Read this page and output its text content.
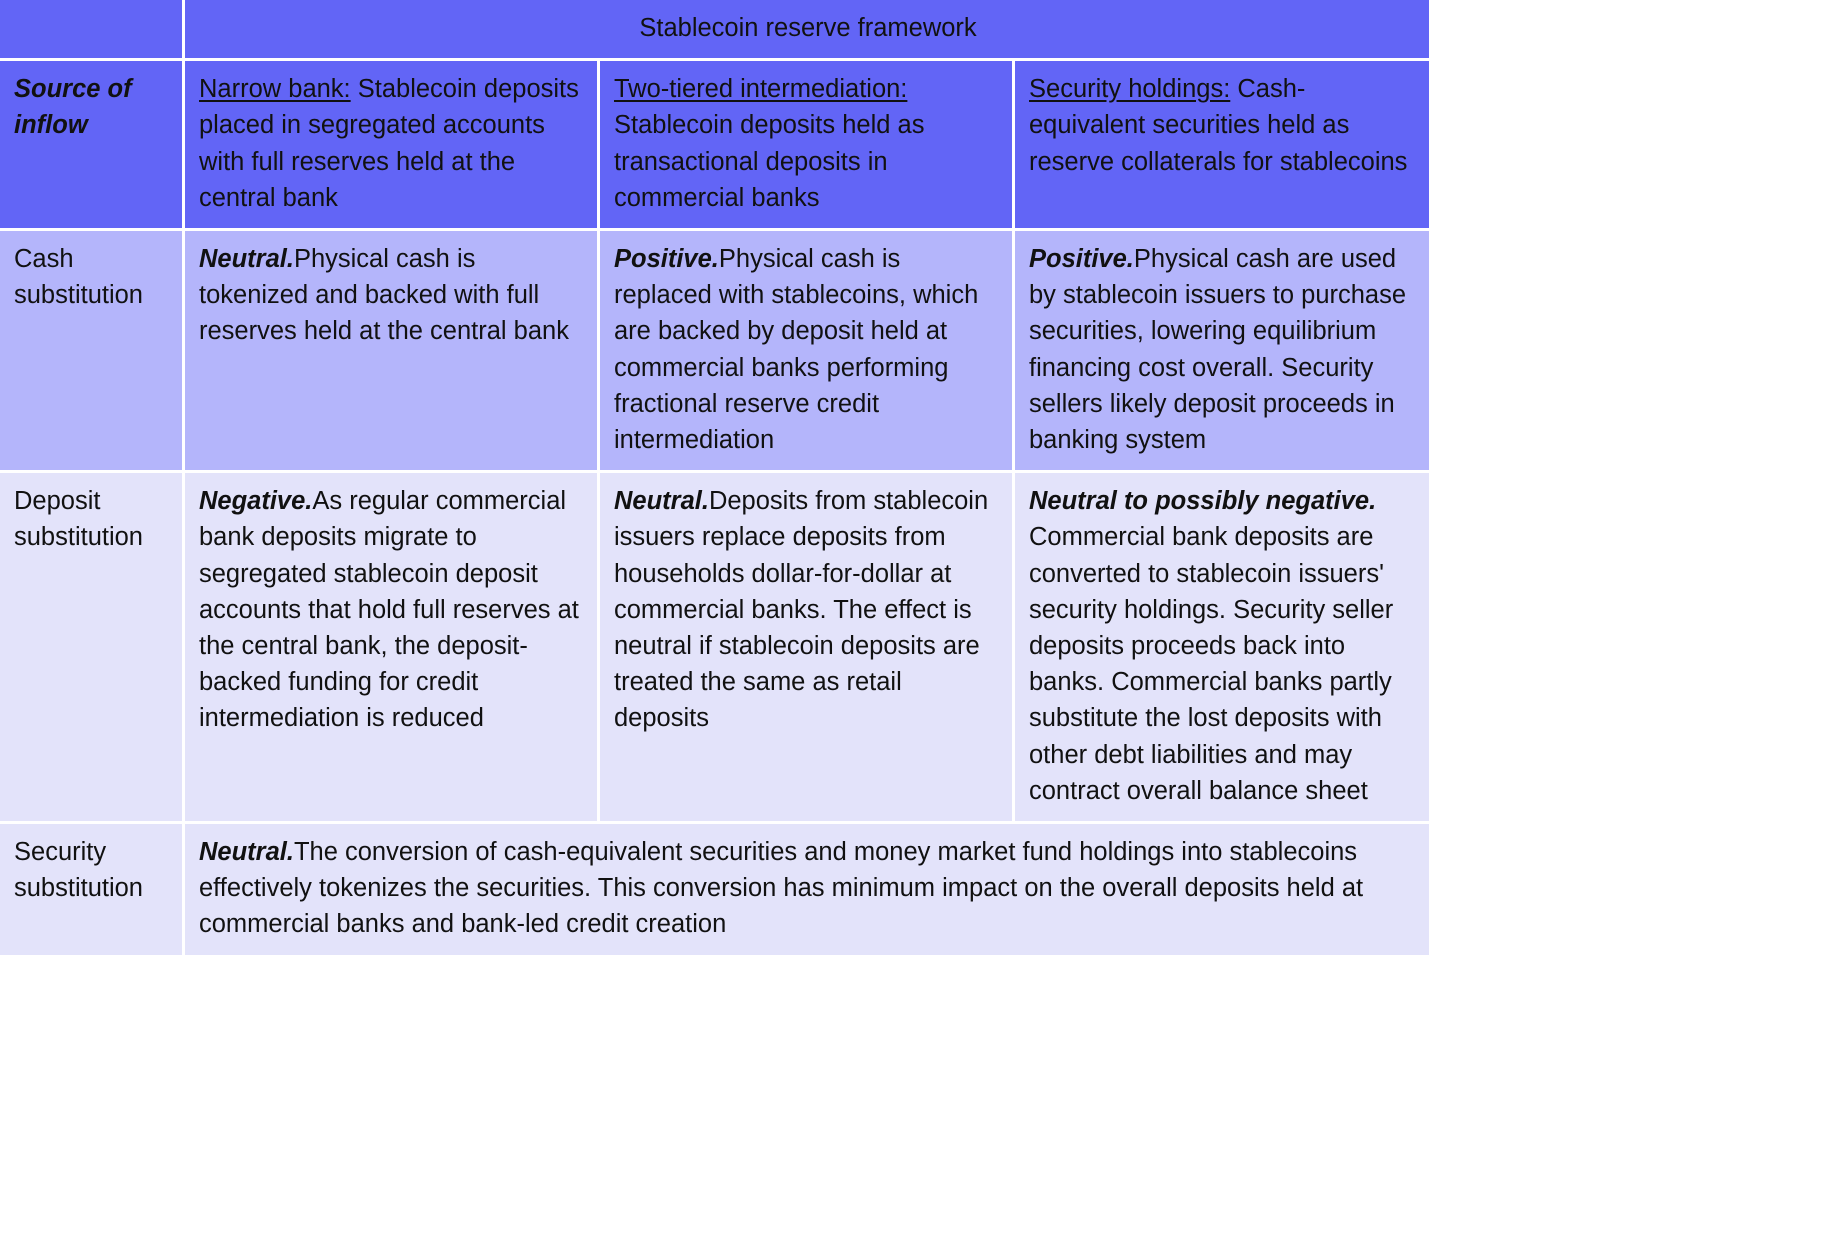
	Stablecoin reserve framework		
Source of inflow	Narrow bank: Stablecoin deposits placed in segregated accounts with full reserves held at the central bank	Two-tiered intermediation: Stablecoin deposits held as transactional deposits in commercial banks	Security holdings: Cash-equivalent securities held as reserve collaterals for stablecoins
Cash substitution	Neutral.Physical cash is tokenized and backed with full reserves held at the central bank	Positive.Physical cash is replaced with stablecoins, which are backed by deposit held at commercial banks performing fractional reserve credit intermediation	Positive.Physical cash are used by stablecoin issuers to purchase securities, lowering equilibrium financing cost overall. Security sellers likely deposit proceeds in banking system
Deposit substitution	Negative.As regular commercial bank deposits migrate to segregated stablecoin deposit accounts that hold full reserves at the central bank, the deposit-backed funding for credit intermediation is reduced	Neutral.Deposits from stablecoin issuers replace deposits from households dollar-for-dollar at commercial banks. The effect is neutral if stablecoin deposits are treated the same as retail deposits	Neutral to possibly negative. Commercial bank deposits are converted to stablecoin issuers' security holdings. Security seller deposits proceeds back into banks. Commercial banks partly substitute the lost deposits with other debt liabilities and may contract overall balance sheet
Security substitution	Neutral.The conversion of cash-equivalent securities and money market fund holdings into stablecoins effectively tokenizes the securities. This conversion has minimum impact on the overall deposits held at commercial banks and bank-led credit creation		
